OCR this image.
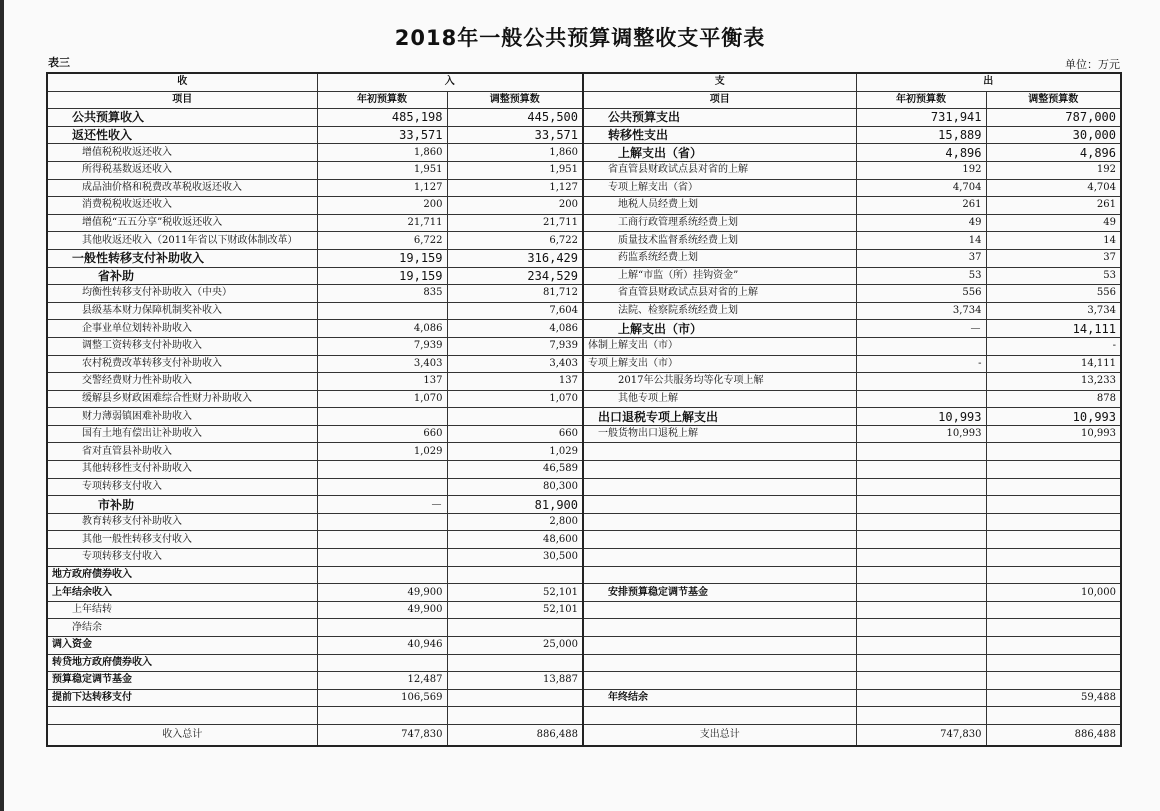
2018年一般公共预算调整收支平衡表
表三	单位：万元
收	入		支	出	
项目	年初预算数	调整预算数	项目	年初预算数	调整预算数
公共预算收入	485,198	445,500	公共预算支出	731,941	787,000
返还性收入	33,571	33,571	转移性支出	15,889	30,000
增值税税收返还收入	1,860	1,860	上解支出（省）	4,896	4,896
所得税基数返还收入	1,951	1,951	省直管县财政试点县对省的上解	192	192
成品油价格和税费改革税收返还收入	1,127	1,127	专项上解支出（省）	4,704	4,704
消费税税收返还收入	200	200	地税人员经费上划	261	261
增值税“五五分享”税收返还收入	21,711	21,711	工商行政管理系统经费上划	49	49
其他收返还收入（2011年省以下财政体制改革）	6,722	6,722	质量技术监督系统经费上划	14	14
一般性转移支付补助收入	19,159	316,429	药监系统经费上划	37	37
省补助	19,159	234,529	上解“市监（所）挂钩资金”	53	53
均衡性转移支付补助收入（中央）	835	81,712	省直管县财政试点县对省的上解	556	556
县级基本财力保障机制奖补收入		7,604	法院、检察院系统经费上划	3,734	3,734
企事业单位划转补助收入	4,086	4,086	上解支出（市）	－	14,111
调整工资转移支付补助收入	7,939	7,939	体制上解支出（市）		-
农村税费改革转移支付补助收入	3,403	3,403	专项上解支出（市）	-	14,111
交警经费财力性补助收入	137	137	2017年公共服务均等化专项上解		13,233
缓解县乡财政困难综合性财力补助收入	1,070	1,070	其他专项上解		878
财力薄弱镇困难补助收入			出口退税专项上解支出	10,993	10,993
国有土地有偿出让补助收入	660	660	一般货物出口退税上解	10,993	10,993
省对直管县补助收入	1,029	1,029			
其他转移性支付补助收入		46,589			
专项转移支付收入		80,300			
市补助	－	81,900			
教育转移支付补助收入		2,800			
其他一般性转移支付收入		48,600			
专项转移支付收入		30,500			
地方政府债券收入					
上年结余收入	49,900	52,101	安排预算稳定调节基金		10,000
上年结转	49,900	52,101			
净结余					
调入资金	40,946	25,000			
转贷地方政府债券收入					
预算稳定调节基金	12,487	13,887			
提前下达转移支付	106,569		年终结余		59,488

收入总计	747,830	886,488	支出总计	747,830	886,488
